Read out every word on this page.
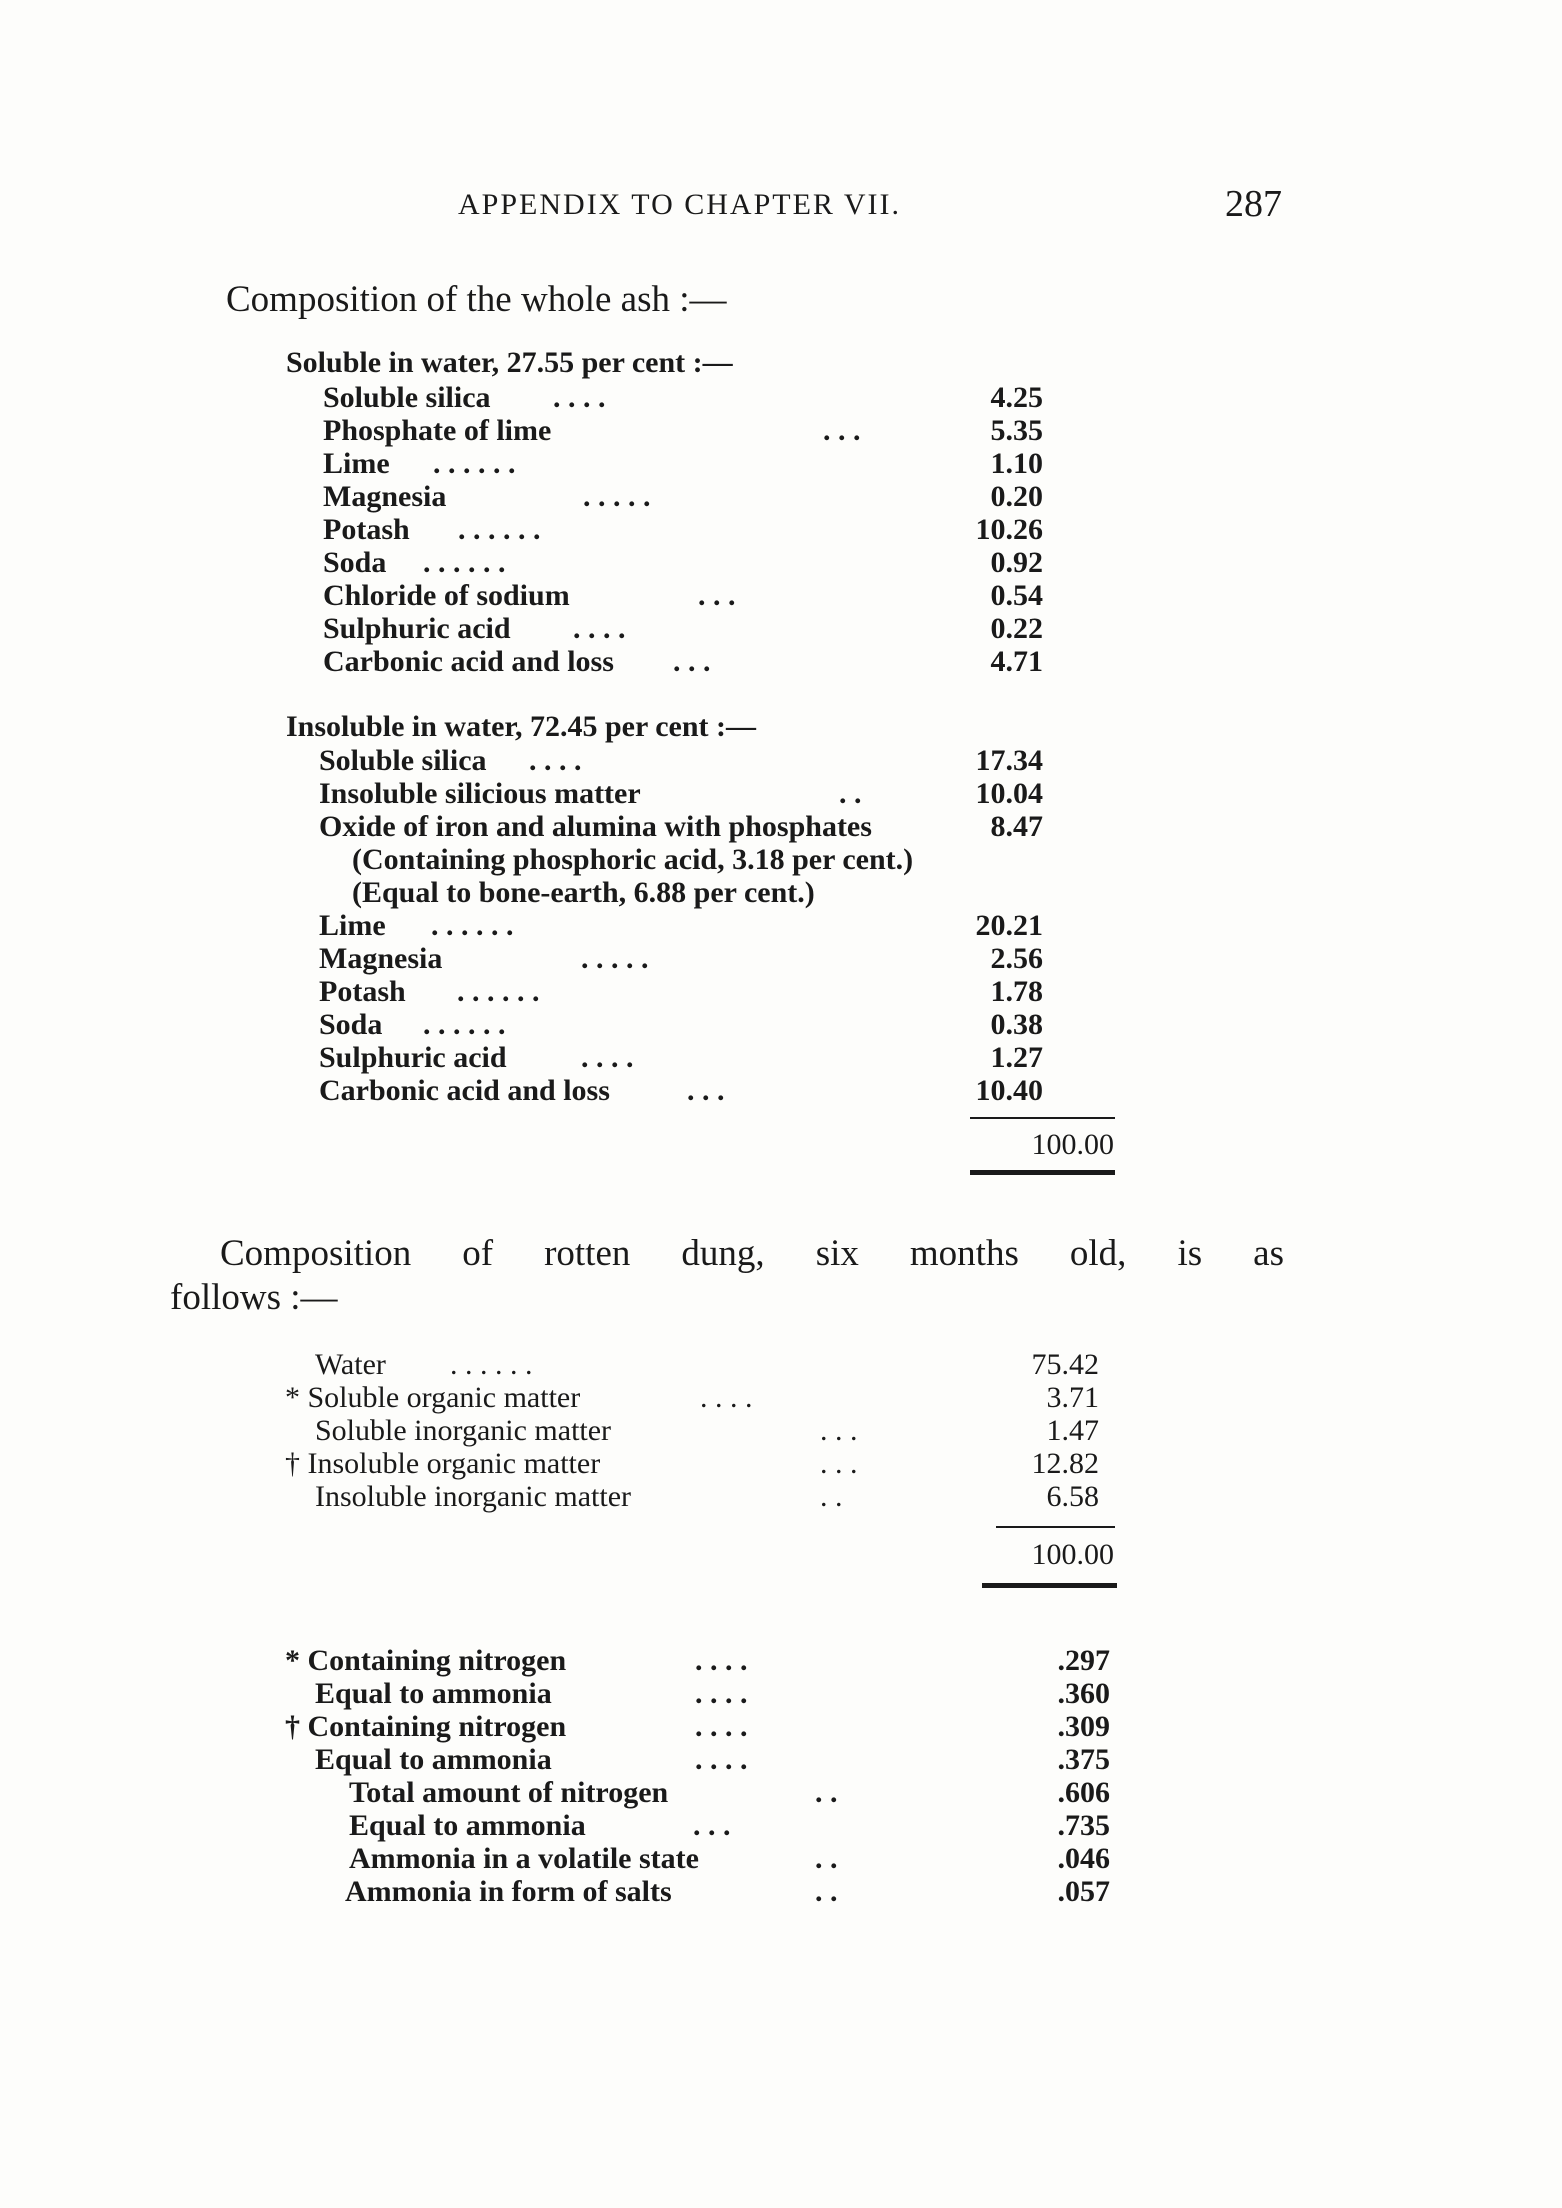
APPENDIX TO CHAPTER VII.	287
Composition of the whole ash :—
Soluble in water, 27.55 per cent :—
Soluble silica . . . .	4.25
Phosphate of lime	. . .	5.35
Lime . . . . . .	1.10
Magnesia	. . . . .	0.20
Potash . . . . . .	10.26
Soda . . . . . .	0.92
Chloride of sodium	. . .	0.54
Sulphuric acid . . . .	0.22
Carbonic acid and loss . . .	4.71
Insoluble in water, 72.45 per cent :—
Soluble silica . . . .	17.34
Insoluble silicious matter	. .	10.04
Oxide of iron and alumina with phosphates	8.47
(Containing phosphoric acid, 3.18 per cent.)
(Equal to bone-earth, 6.88 per cent.)
Lime . . . . . .	20.21
Magnesia	. . . . .	2.56
Potash . . . . . .	1.78
Soda . . . . . .	0.38
Sulphuric acid . . . .	1.27
Carbonic acid and loss	. . .	10.40
100.00
Composition of rotten dung, six months old, is as
follows :—
Water . . . . . .	75.42
* Soluble organic matter	. . . .	3.71
Soluble inorganic matter	. . .	1.47
† Insoluble organic matter	. . .	12.82
Insoluble inorganic matter	. .	6.58
100.00
* Containing nitrogen	. . . .	.297
Equal to ammonia	. . . .	.360
† Containing nitrogen	. . . .	.309
Equal to ammonia	. . . .	.375
Total amount of nitrogen	. .	.606
Equal to ammonia	. . .	.735
Ammonia in a volatile state	. .	.046
Ammonia in form of salts	. .	.057
